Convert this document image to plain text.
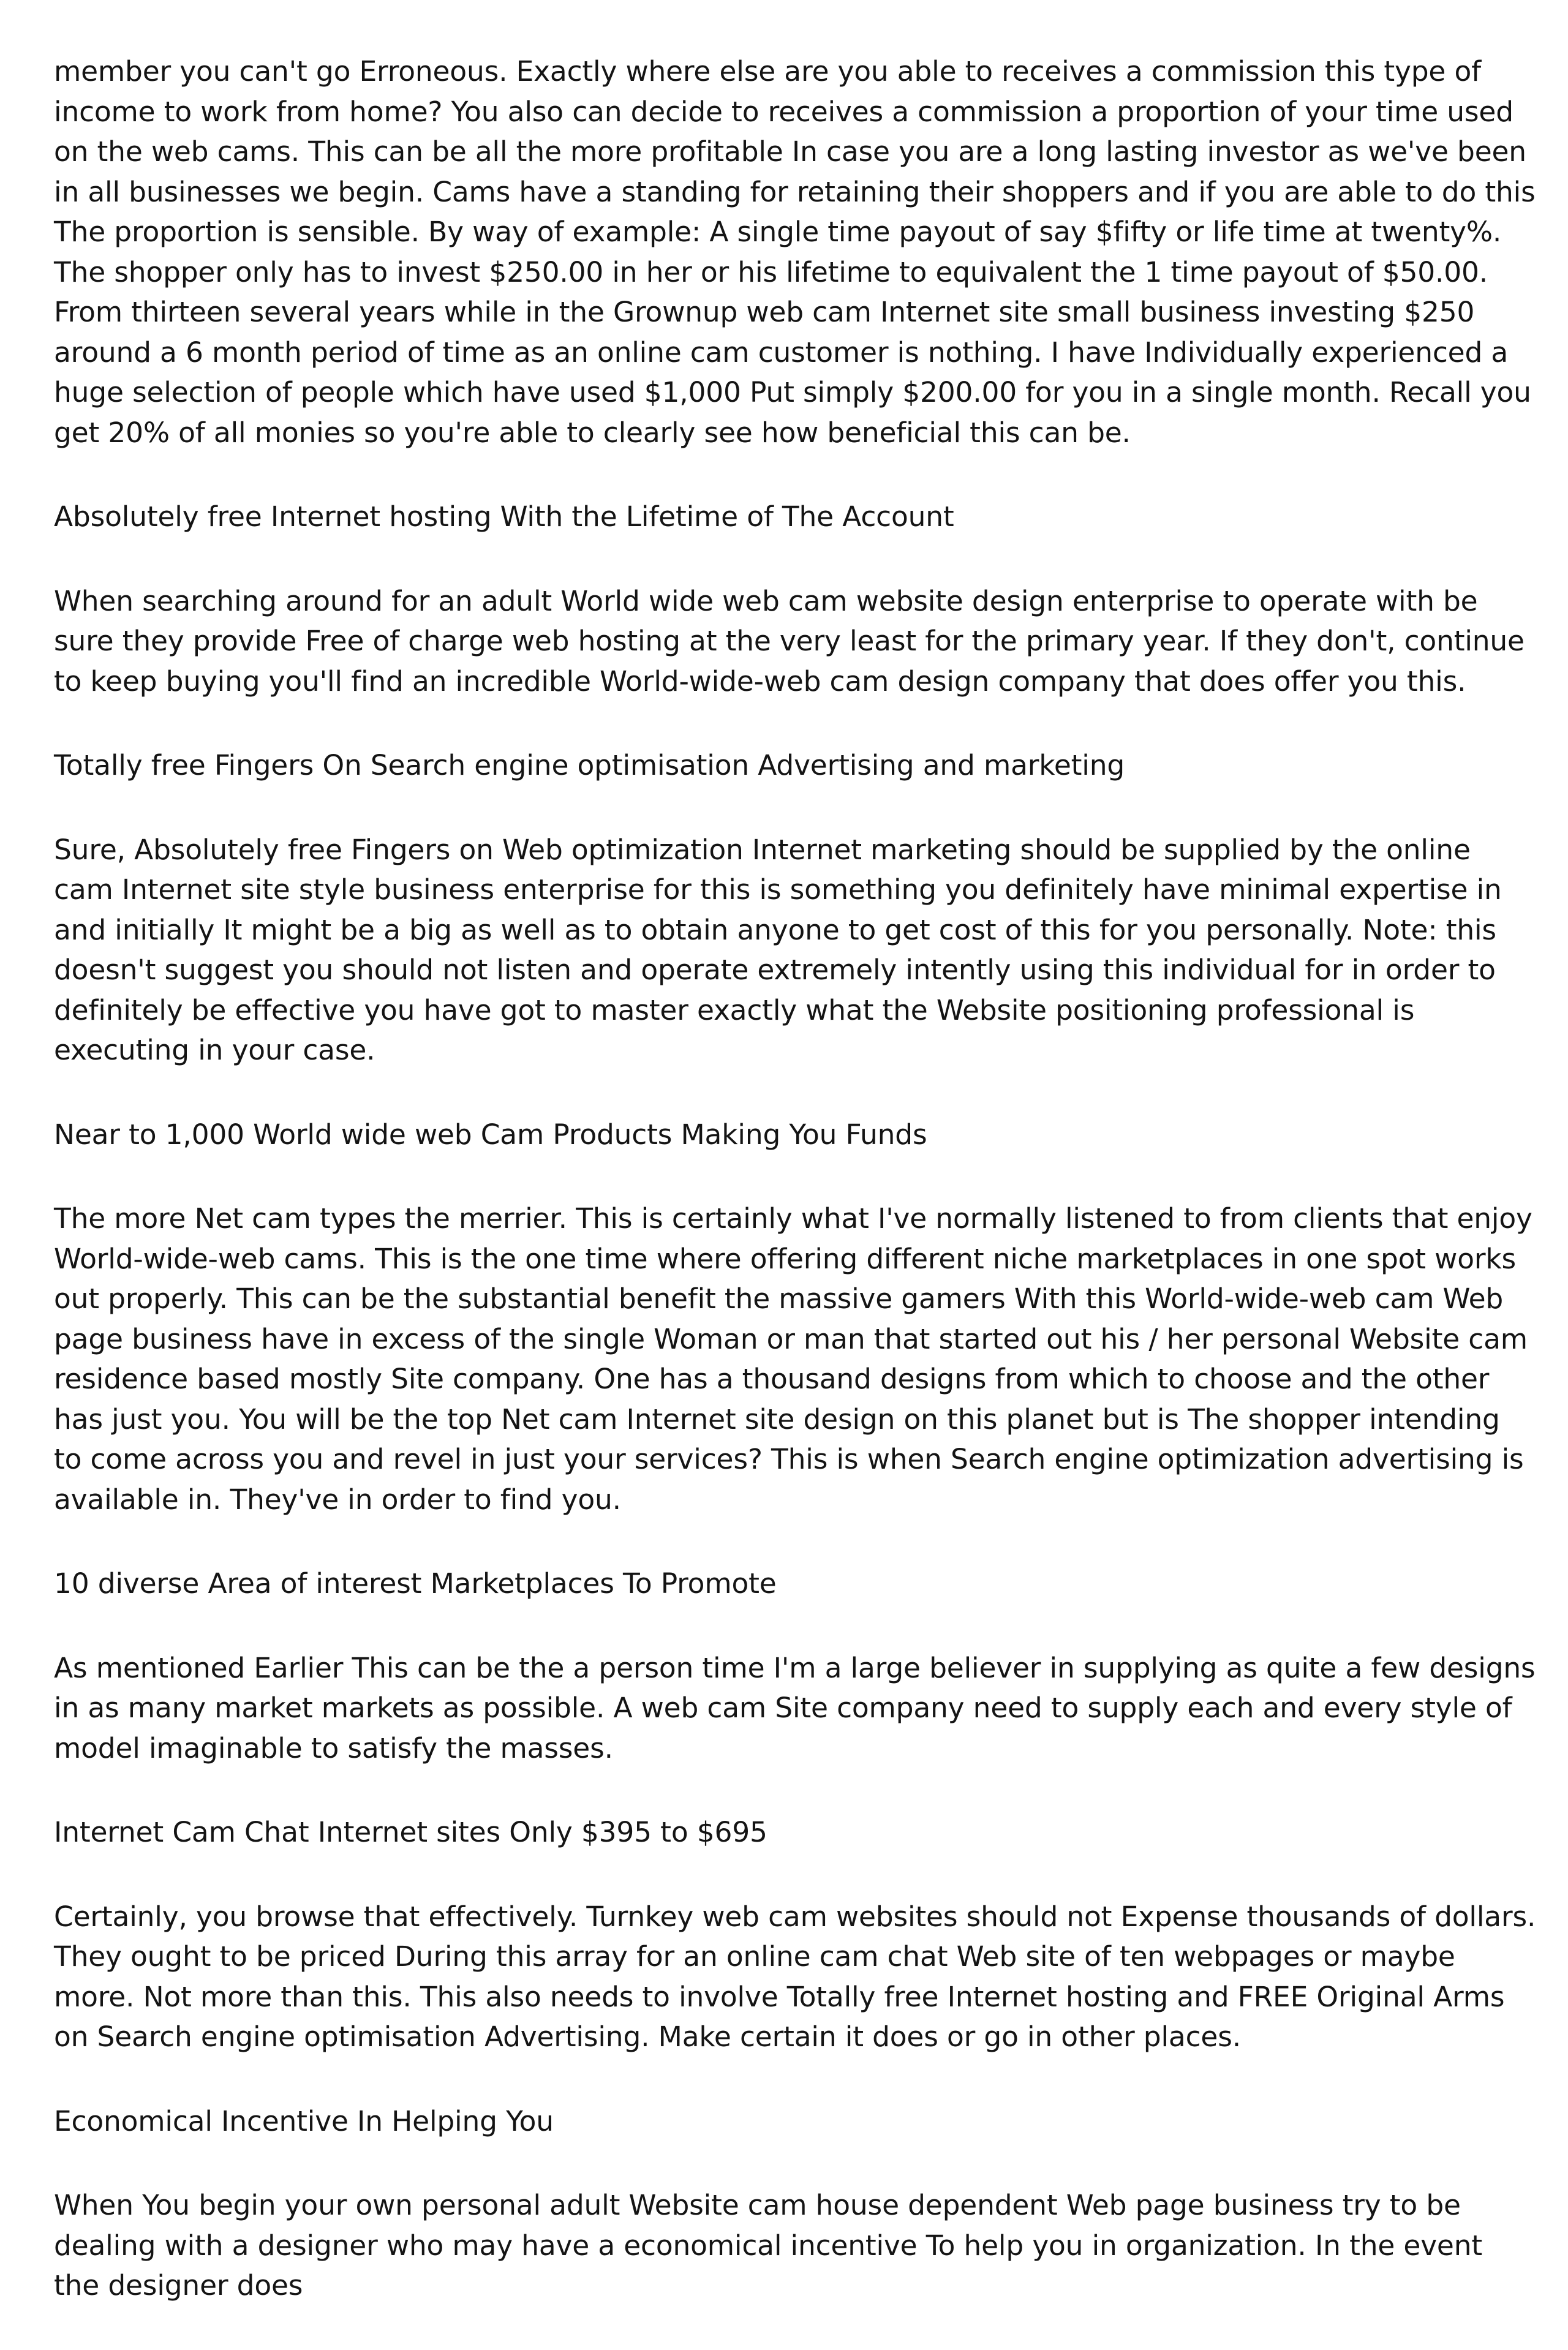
member you can't go Erroneous. Exactly where else are you able to receives a commission this type of income to work from home? You also can decide to receives a commission a proportion of your time used on the web cams. This can be all the more profitable In case you are a long lasting investor as we've been in all businesses we begin. Cams have a standing for retaining their shoppers and if you are able to do this The proportion is sensible. By way of example: A single time payout of say $fifty or life time at twenty%. The shopper only has to invest $250.00 in her or his lifetime to equivalent the 1 time payout of $50.00. From thirteen several years while in the Grownup web cam Internet site small business investing $250 around a 6 month period of time as an online cam customer is nothing. I have Individually experienced a huge selection of people which have used $1,000 Put simply $200.00 for you in a single month. Recall you get 20% of all monies so you're able to clearly see how beneficial this can be.

Absolutely free Internet hosting With the Lifetime of The Account

When searching around for an adult World wide web cam website design enterprise to operate with be sure they provide Free of charge web hosting at the very least for the primary year. If they don't, continue to keep buying you'll find an incredible World-wide-web cam design company that does offer you this.

Totally free Fingers On Search engine optimisation Advertising and marketing

Sure, Absolutely free Fingers on Web optimization Internet marketing should be supplied by the online cam Internet site style business enterprise for this is something you definitely have minimal expertise in and initially It might be a big as well as to obtain anyone to get cost of this for you personally. Note: this doesn't suggest you should not listen and operate extremely intently using this individual for in order to definitely be effective you have got to master exactly what the Website positioning professional is executing in your case.

Near to 1,000 World wide web Cam Products Making You Funds

The more Net cam types the merrier. This is certainly what I've normally listened to from clients that enjoy World-wide-web cams. This is the one time where offering different niche marketplaces in one spot works out properly. This can be the substantial benefit the massive gamers With this World-wide-web cam Web page business have in excess of the single Woman or man that started out his / her personal Website cam residence based mostly Site company. One has a thousand designs from which to choose and the other has just you. You will be the top Net cam Internet site design on this planet but is The shopper intending to come across you and revel in just your services? This is when Search engine optimization advertising is available in. They've in order to find you.

10 diverse Area of interest Marketplaces To Promote

As mentioned Earlier This can be the a person time I'm a large believer in supplying as quite a few designs in as many market markets as possible. A web cam Site company need to supply each and every style of model imaginable to satisfy the masses.

Internet Cam Chat Internet sites Only $395 to $695

Certainly, you browse that effectively. Turnkey web cam websites should not Expense thousands of dollars. They ought to be priced During this array for an online cam chat Web site of ten webpages or maybe more. Not more than this. This also needs to involve Totally free Internet hosting and FREE Original Arms on Search engine optimisation Advertising. Make certain it does or go in other places.

Economical Incentive In Helping You

When You begin your own personal adult Website cam house dependent Web page business try to be dealing with a designer who may have a economical incentive To help you in organization. In the event the designer does
